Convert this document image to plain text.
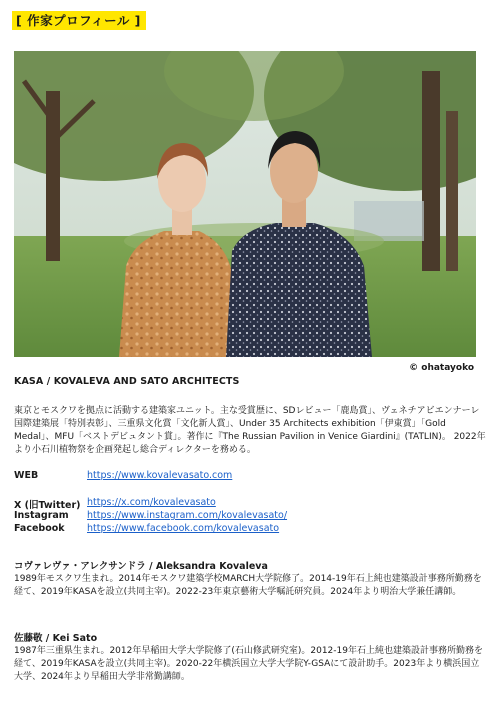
[ 作家プロフィール ]
© ohatayoko
KASA / KOVALEVA AND SATO ARCHITECTS
東京とモスクワを拠点に活動する建築家ユニット。主な受賞歴に、SDレビュー「鹿島賞」、ヴェネチアビエンナーレ国際建築展「特別表彰」、三重県文化賞「文化新人賞」、Under 35 Architects exhibition「伊東賞」「Gold Medal」、MFU「ベストデビュタント賞」。著作に『The Russian Pavilion in Venice Giardini』(TATLIN)。 2022年より小石川植物祭を企画発起し総合ディレクターを務める。
WEB	https://www.kovalevasato.com
X (旧Twitter) https://x.com/kovalevasato
Instagram https://www.instagram.com/kovalevasato/
Facebook https://www.facebook.com/kovalevasato
コヴァレヴァ・アレクサンドラ / Aleksandra Kovaleva
1989年モスクワ生まれ。2014年モスクワ建築学校MARCH大学院修了。2014-19年石上純也建築設計事務所勤務を経て、2019年KASAを設立(共同主宰)。2022-23年東京藝術大学嘱託研究員。2024年より明治大学兼任講師。
佐藤敬 / Kei Sato
1987年三重県生まれ。2012年早稲田大学大学院修了(石山修武研究室)。2012-19年石上純也建築設計事務所勤務を経て、2019年KASAを設立(共同主宰)。2020-22年横浜国立大学大学院Y-GSAにて設計助手。2023年より横浜国立大学、2024年より早稲田大学非常勤講師。
